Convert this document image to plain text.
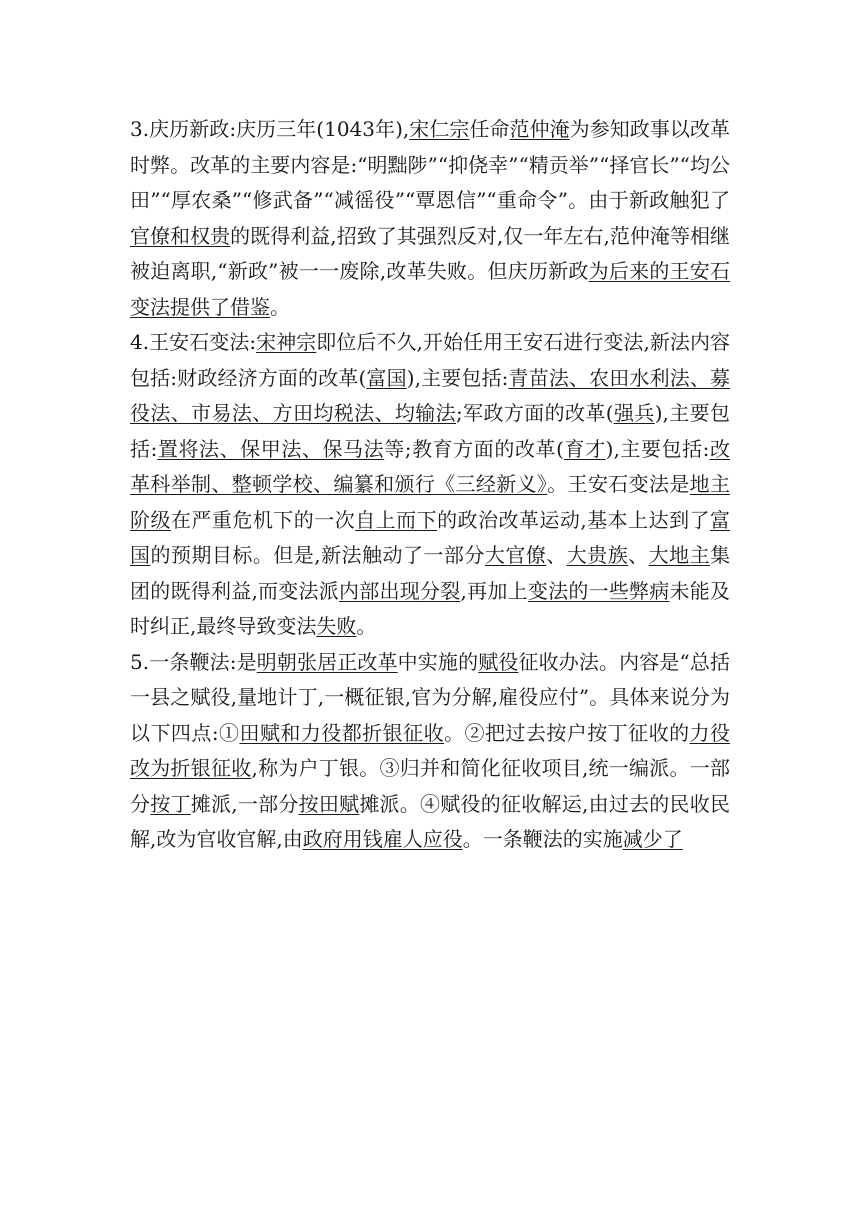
3.庆历新政:庆历三年(1043年),宋仁宗任命范仲淹为参知政事以改革时弊。改革的主要内容是:“明黜陟”“抑侥幸”“精贡举”“择官长”“均公田”“厚农桑”“修武备”“减徭役”“覃恩信”“重命令”。由于新政触犯了官僚和权贵的既得利益,招致了其强烈反对,仅一年左右,范仲淹等相继被迫离职,“新政”被一一废除,改革失败。但庆历新政为后来的王安石变法提供了借鉴。

4.王安石变法:宋神宗即位后不久,开始任用王安石进行变法,新法内容包括:财政经济方面的改革(富国),主要包括:青苗法、农田水利法、募役法、市易法、方田均税法、均输法;军政方面的改革(强兵),主要包括:置将法、保甲法、保马法等;教育方面的改革(育才),主要包括:改革科举制、整顿学校、编纂和颁行《三经新义》。王安石变法是地主阶级在严重危机下的一次自上而下的政治改革运动,基本上达到了富国的预期目标。但是,新法触动了一部分大官僚、大贵族、大地主集团的既得利益,而变法派内部出现分裂,再加上变法的一些弊病未能及时纠正,最终导致变法失败。

5.一条鞭法:是明朝张居正改革中实施的赋役征收办法。内容是“总括一县之赋役,量地计丁,一概征银,官为分解,雇役应付”。具体来说分为以下四点:①田赋和力役都折银征收。②把过去按户按丁征收的力役改为折银征收,称为户丁银。③归并和简化征收项目,统一编派。一部分按丁摊派,一部分按田赋摊派。④赋役的征收解运,由过去的民收民解,改为官收官解,由政府用钱雇人应役。一条鞭法的实施减少了
